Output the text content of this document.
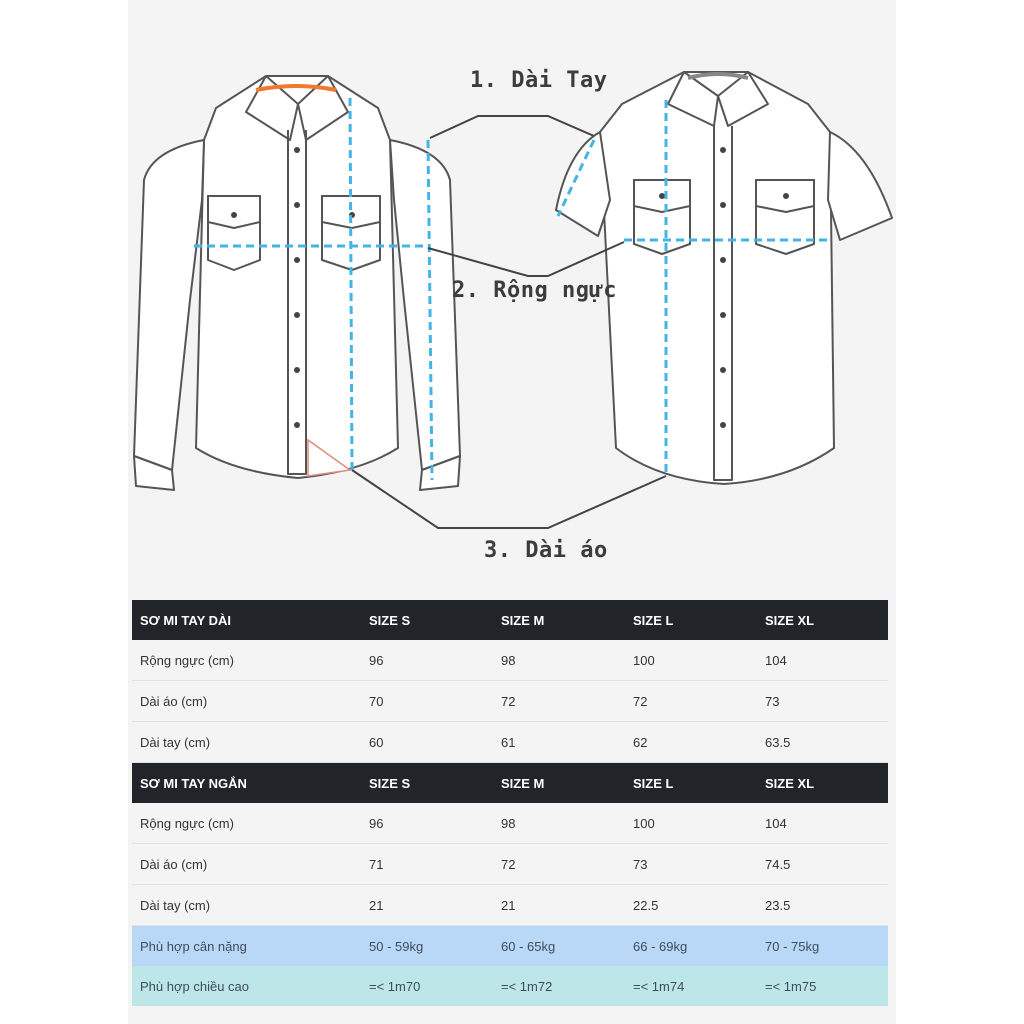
1. Dài Tay
2. Rộng ngực
3. Dài áo
SƠ MI TAY DÀI	SIZE S	SIZE M	SIZE L	SIZE XL
Rộng ngực (cm)	96	98	100	104
Dài áo (cm)	70	72	72	73
Dài tay (cm)	60	61	62	63.5
SƠ MI TAY NGẮN	SIZE S	SIZE M	SIZE L	SIZE XL
Rộng ngực (cm)	96	98	100	104
Dài áo (cm)	71	72	73	74.5
Dài tay (cm)	21	21	22.5	23.5
Phù hợp cân nặng	50 - 59kg	60 - 65kg	66 - 69kg	70 - 75kg
Phù hợp chiều cao	=< 1m70	=< 1m72	=< 1m74	=< 1m75
